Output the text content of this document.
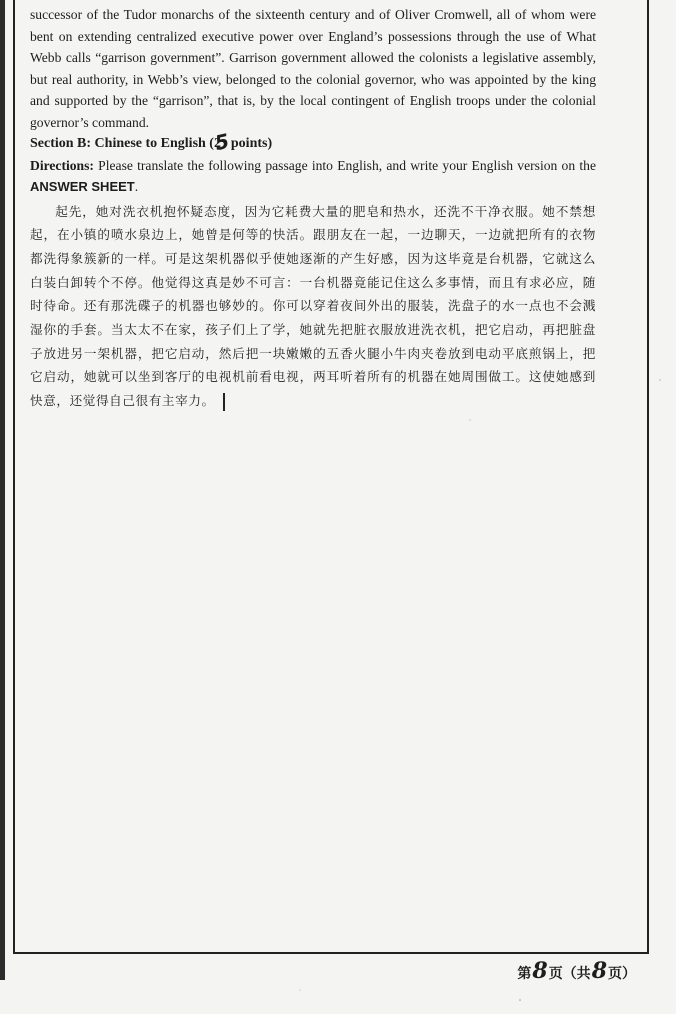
successor of the Tudor monarchs of the sixteenth century and of Oliver Cromwell, all of whom were bent on extending centralized executive power over England’s possessions through the use of What Webb calls “garrison government”. Garrison government allowed the colonists a legislative assembly, but real authority, in Webb’s view, belonged to the colonial governor, who was appointed by the king and supported by the “garrison”, that is, by the local contingent of English troops under the colonial governor’s command.

Section B: Chinese to English (25points)

Directions: Please translate the following passage into English, and write your English version on the ANSWER SHEET.

起先，她对洗衣机抱怀疑态度，因为它耗费大量的肥皂和热水，还洗不干净衣服。她不禁想起，在小镇的喷水泉边上，她曾是何等的快活。跟朋友在一起，一边聊天，一边就把所有的衣物都洗得象簇新的一样。可是这架机器似乎使她逐渐的产生好感，因为这毕竟是台机器，它就这么白装白卸转个不停。他觉得这真是妙不可言：一台机器竟能记住这么多事情，而且有求必应，随时待命。还有那洗碟子的机器也够妙的。你可以穿着夜间外出的服装，洗盘子的水一点也不会溅湿你的手套。当太太不在家，孩子们上了学，她就先把脏衣服放进洗衣机，把它启动，再把脏盘子放进另一架机器，把它启动，然后把一块嫩嫩的五香火腿小牛肉夹卷放到电动平底煎锅上，把它启动，她就可以坐到客厅的电视机前看电视，两耳听着所有的机器在她周围做工。这使她感到快意，还觉得自己很有主宰力。

第 8 页（共 8 页）
